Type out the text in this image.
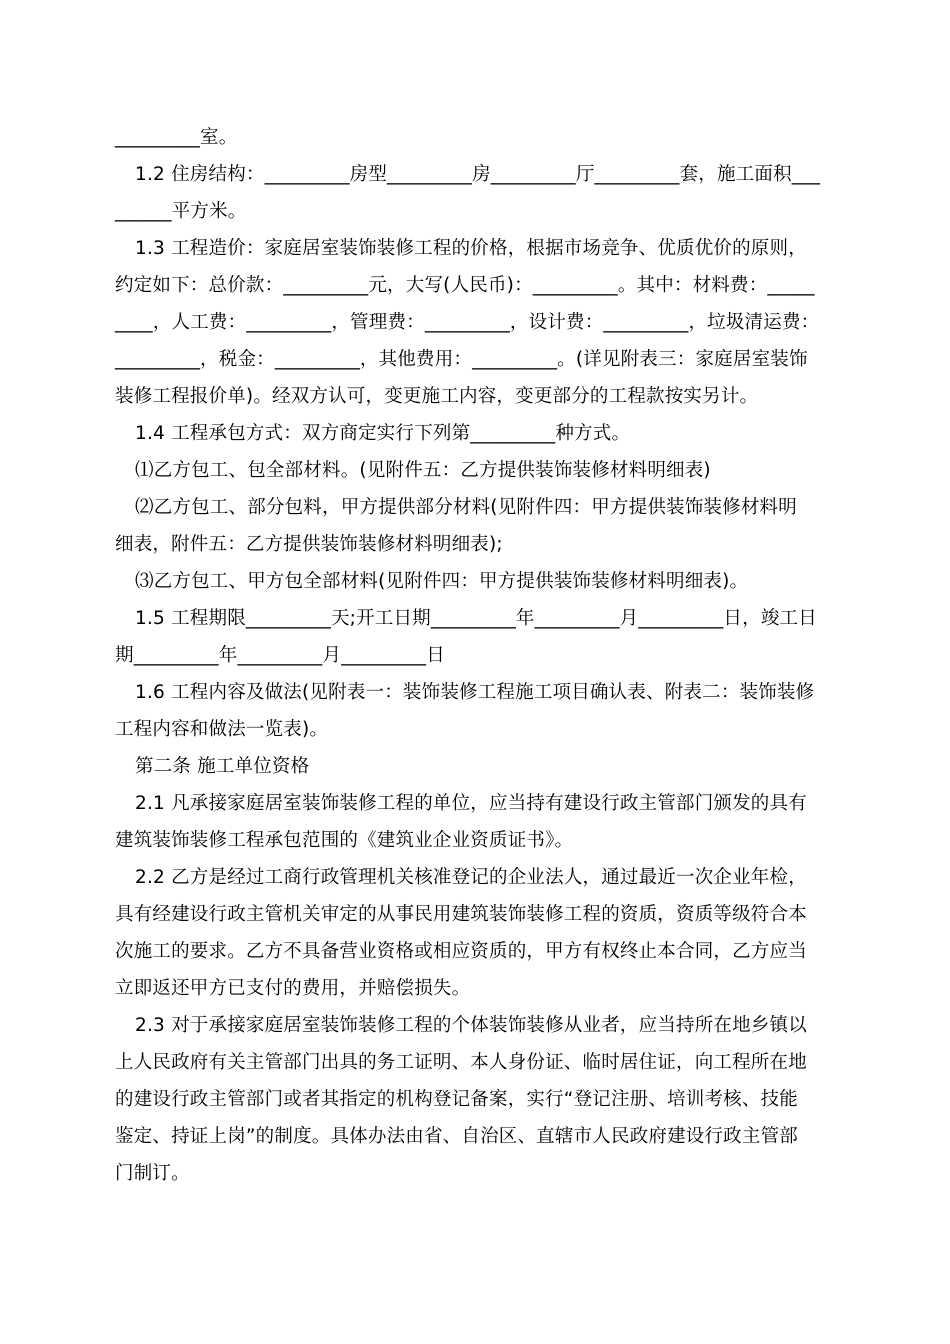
_________室。

1.2 住房结构：_________房型_________房_________厅_________套，施工面积___

______平方米。

1.3 工程造价：家庭居室装饰装修工程的价格，根据市场竞争、优质优价的原则，

约定如下：总价款：_________元，大写(人民币)：_________。其中：材料费：_____

____，人工费：_________，管理费：_________，设计费：_________，垃圾清运费：

_________，税金：_________，其他费用：_________。(详见附表三：家庭居室装饰

装修工程报价单)。经双方认可，变更施工内容，变更部分的工程款按实另计。

1.4 工程承包方式：双方商定实行下列第_________种方式。

⑴乙方包工、包全部材料。(见附件五：乙方提供装饰装修材料明细表)

⑵乙方包工、部分包料，甲方提供部分材料(见附件四：甲方提供装饰装修材料明

细表，附件五：乙方提供装饰装修材料明细表);

⑶乙方包工、甲方包全部材料(见附件四：甲方提供装饰装修材料明细表)。

1.5 工程期限_________天;开工日期_________年_________月_________日，竣工日

期_________年_________月_________日

1.6 工程内容及做法(见附表一：装饰装修工程施工项目确认表、附表二：装饰装修

工程内容和做法一览表)。

第二条 施工单位资格

2.1 凡承接家庭居室装饰装修工程的单位，应当持有建设行政主管部门颁发的具有

建筑装饰装修工程承包范围的《建筑业企业资质证书》。

2.2 乙方是经过工商行政管理机关核准登记的企业法人，通过最近一次企业年检，

具有经建设行政主管机关审定的从事民用建筑装饰装修工程的资质，资质等级符合本

次施工的要求。乙方不具备营业资格或相应资质的，甲方有权终止本合同，乙方应当

立即返还甲方已支付的费用，并赔偿损失。

2.3 对于承接家庭居室装饰装修工程的个体装饰装修从业者，应当持所在地乡镇以

上人民政府有关主管部门出具的务工证明、本人身份证、临时居住证，向工程所在地

的建设行政主管部门或者其指定的机构登记备案，实行“登记注册、培训考核、技能

鉴定、持证上岗”的制度。具体办法由省、自治区、直辖市人民政府建设行政主管部

门制订。
